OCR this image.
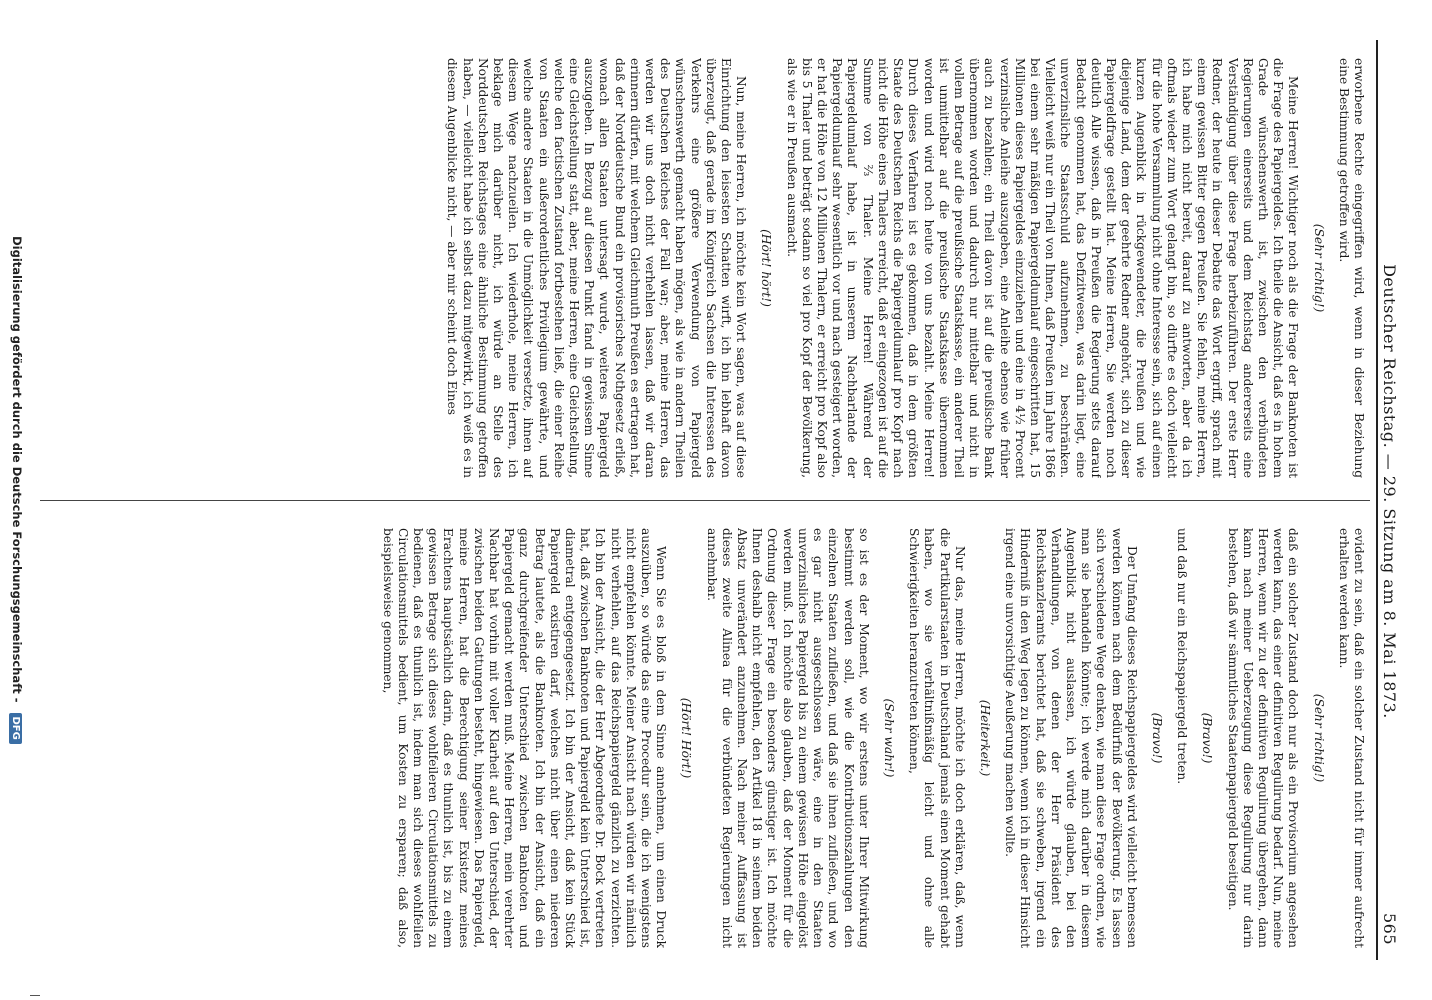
Deutscher Reichstag. — 29. Sitzung am 8. Mai 1873.
565

erworbene Rechte eingegriffen wird, wenn in dieser Beziehung eine Bestimmung getroffen wird.

(Sehr richtig!)

Meine Herren! Wichtiger noch als die Frage der Banknoten ist die Frage des Papiergeldes. Ich theile die Ansicht, daß es in hohem Grade wünschenswerth ist, zwischen den verbündeten Regierungen einerseits und dem Reichstag andererseits eine Verständigung über diese Frage herbeizuführen. Der erste Herr Redner, der heute in dieser Debatte das Wort ergriff, sprach mit einem gewissen Bitter gegen Preußen. Sie fehlen, meine Herren, ich habe mich nicht bereit, darauf zu antworten, aber da ich oftmals wieder zum Wort gelangt bin, so dürfte es doch vielleicht für die hohe Versammlung nicht ohne Interesse sein, sich auf einen kurzen Augenblick in rückgewendeter, die Preußen und wie diejenige Land, dem der geehrte Redner angehört, sich zu dieser Papiergeldfrage gestellt hat. Meine Herren, Sie werden noch deutlich Alle wissen, daß in Preußen die Regierung stets darauf Bedacht genommen hat, das Defizitwesen, was darin liegt, eine unverzinsliche Staatsschuld aufzunehmen, zu beschränken. Vielleicht weiß nur ein Theil von Ihnen, daß Preußen im Jahre 1866 bei einem sehr mäßigen Papiergeldumlauf eingeschritten hat, 15 Millionen dieses Papiergeldes einzuziehen und eine in 4½ Procent verzinsliche Anleihe auszugeben, eine Anleihe ebenso wie früher auch zu bezahlen; ein Theil davon ist auf die preußische Bank übernommen worden und dadurch nur mittelbar und nicht in vollem Betrage auf die preußische Staatskasse, ein anderer Theil ist unmittelbar auf die preußische Staatskasse übernommen worden und wird noch heute von uns bezahlt. Meine Herren! Durch dieses Verfahren ist es gekommen, daß in dem größten Staate des Deutschen Reichs die Papiergeldumlauf pro Kopf nach nicht die Höhe eines Thalers erreicht, daß er eingezogen ist auf die Summe von ⅔ Thaler. Meine Herren! Während der Papiergeldumlauf habe, ist in unserem Nachbarlande der Papiergeldumlauf sehr wesentlich vor und nach gesteigert worden, er hat die Höhe von 12 Millionen Thalern, er erreicht pro Kopf also bis 5 Thaler und beträgt sodann so viel pro Kopf der Bevölkerung, als wie er in Preußen ausmacht.

(Hört! hört!)

Nun, meine Herren, ich möchte kein Wort sagen, was auf diese Einrichtung den leisesten Schatten wirft, ich bin lebhaft davon überzeugt, daß gerade im Königreich Sachsen die Interessen des Verkehrs eine größere Verwendung von Papiergeld wünschenswerth gemacht haben mögen, als wie in andern Theilen des Deutschen Reiches der Fall war; aber, meine Herren, das werden wir uns doch nicht verhehlen lassen, daß wir daran erinnern dürfen, mit welchem Gleichmuth Preußen es ertragen hat, daß der Norddeutsche Bund ein provisorisches Nothgesetz erließ, wonach allen Staaten untersagt wurde, weiteres Papiergeld auszugeben. In Bezug auf diesen Punkt fand in gewissem Sinne eine Gleichstellung statt, aber, meine Herren, eine Gleichstellung, welche den factischen Zustand fortbestehen ließ, die einer Reihe von Staaten ein außerordentliches Privilegium gewährte, und welche andere Staaten in die Unmöglichkeit versetzte, ihnen auf diesem Wege nachzueilen. Ich wiederhole, meine Herren, ich beklage mich darüber nicht, ich würde an Stelle des Norddeutschen Reichstages eine ähnliche Bestimmung getroffen haben, — vielleicht habe ich selbst dazu mitgewirkt, ich weiß es in diesem Augenblicke nicht, — aber mir scheint doch Eines

evident zu sein, daß ein solcher Zustand nicht für immer aufrecht erhalten werden kann.

(Sehr richtig!)

daß ein solcher Zustand doch nur als ein Provisorium angesehen werden kann, das einer definitiven Regulirung bedarf. Nun, meine Herren, wenn wir zu der definitiven Regulirung übergehen, dann kann nach meiner Ueberzeugung diese Regulirung nur darin bestehen, daß wir sämmtliches Staatenpapiergeld beseitigen.

(Bravo!)

und daß nur ein Reichspapiergeld treten.

(Bravo!)

Der Umfang dieses Reichspapiergeldes wird vielleicht bemessen werden können nach dem Bedürfniß der Bevölkerung. Es lassen sich verschiedene Wege denken, wie man diese Frage ordnen, wie man sie behandeln könnte; ich werde mich darüber in diesem Augenblick nicht auslassen, ich würde glauben, bei den Verhandlungen, von denen der Herr Präsident des Reichskanzleramts berichtet hat, daß sie schweben, irgend ein Hinderniß in den Weg legen zu können, wenn ich in dieser Hinsicht irgend eine unvorsichtige Aeußerung machen wollte.

(Heiterkeit.)

Nur das, meine Herren, möchte ich doch erklären, daß, wenn die Partikularstaaten in Deutschland jemals einen Moment gehabt haben, wo sie verhältnißmäßig leicht und ohne alle Schwierigkeiten heranzutreten können,

(Sehr wahr!)

so ist es der Moment, wo wir erstens unter Ihrer Mitwirkung bestimmt werden soll, wie die Kontributionszahlungen den einzelnen Staaten zufließen, und daß sie ihnen zufließen, und wo es gar nicht ausgeschlossen wäre, eine in den Staaten unverzinsliches Papiergeld bis zu einem gewissen Höhe eingelöst werden muß. Ich möchte also glauben, daß der Moment für die Ordnung dieser Frage ein besonders günstiger ist. Ich möchte Ihnen deshalb nicht empfehlen, den Artikel 18 in seinem beiden Absatz unverändert anzunehmen. Nach meiner Auffassung ist dieses zweite Alinea für die verbündeten Regierungen nicht annehmbar.

(Hört! Hört!)

Wenn Sie es bloß in dem Sinne annehmen, um einen Druck auszuüben, so würde das eine Procedur sein, die ich wenigstens nicht empfehlen könnte. Meiner Ansicht nach würden wir nämlich nicht verhehlen, auf das Reichspapiergeld gänzlich zu verzichten. Ich bin der Ansicht, die der Herr Abgeordnete Dr. Bock vertreten hat, daß zwischen Banknoten und Papiergeld kein Unterschied ist, diametral entgegengesetzt. Ich bin der Ansicht, daß kein Stück Papiergeld existiren darf, welches nicht über einen niederen Betrag lautete, als die Banknoten. Ich bin der Ansicht, daß ein ganz durchgreifender Unterschied zwischen Banknoten und Papiergeld gemacht werden muß. Meine Herren, mein verehrter Nachbar hat vorhin mit voller Klarheit auf den Unterschied, der zwischen beiden Gattungen besteht, hingewiesen. Das Papiergeld, meine Herren, hat die Berechtigung seiner Existenz meines Erachtens hauptsächlich darin, daß es thunlich ist, bis zu einem gewissen Betrage sich dieses wohlfeileren Circulationsmittels zu bedienen, daß es thunlich ist, indem man sich dieses wohlfeilen Circulationsmittels bedient, um Kosten zu ersparen; daß also, beispielsweise genommen,

Digitalisierung gefördert durch die Deutsche Forschungsgemeinschaft - DFG
